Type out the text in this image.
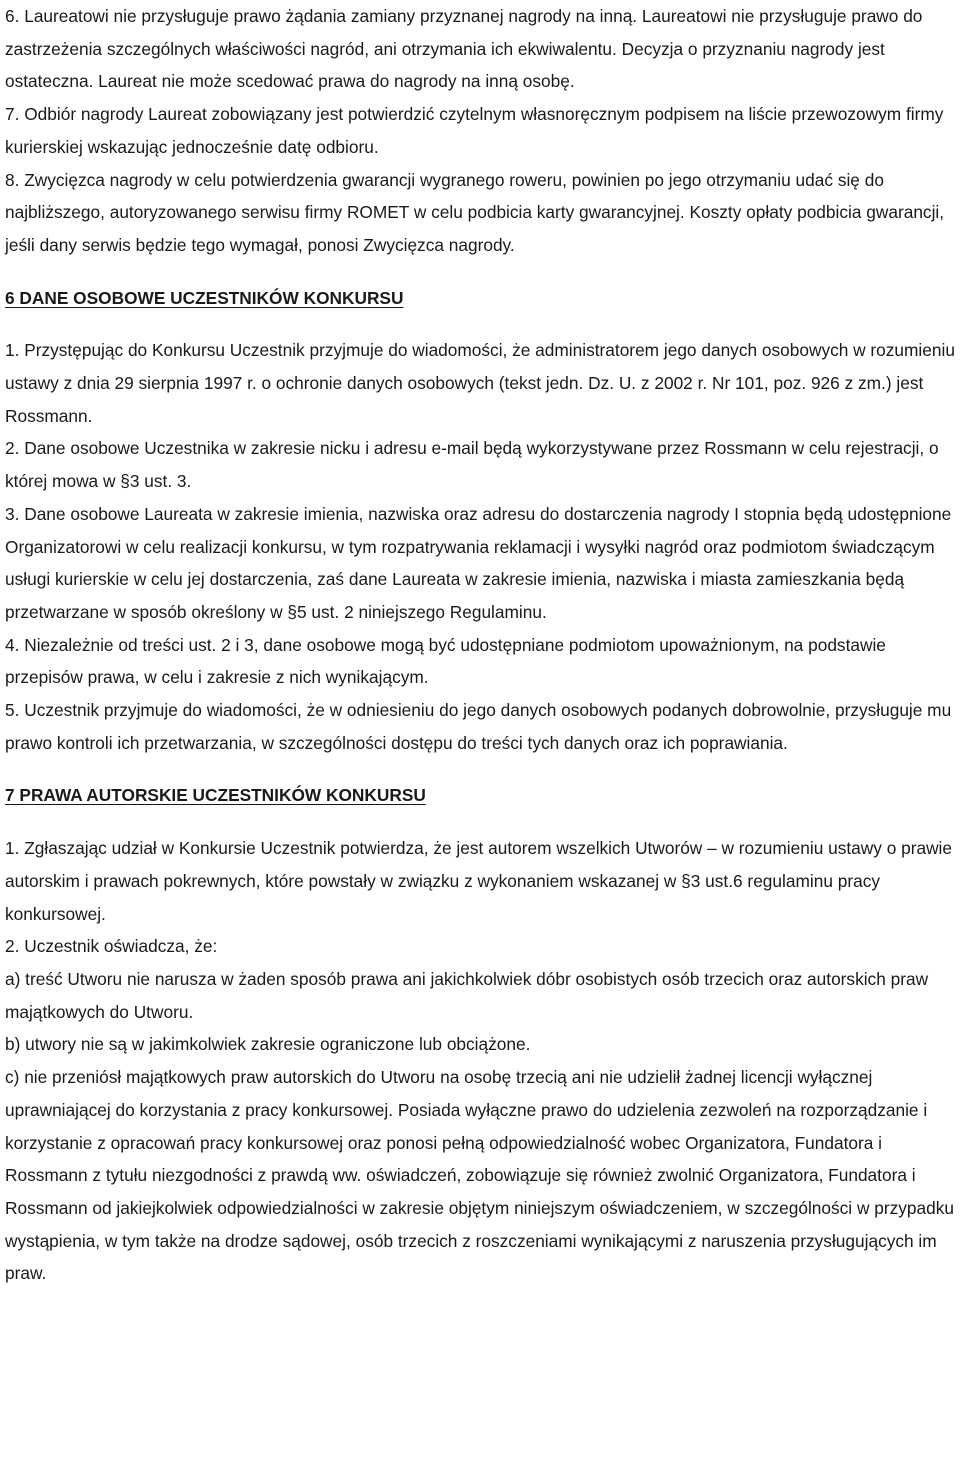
6. Laureatowi nie przysługuje prawo żądania zamiany przyznanej nagrody na inną. Laureatowi nie przysługuje prawo do zastrzeżenia szczególnych właściwości nagród, ani otrzymania ich ekwiwalentu. Decyzja o przyznaniu nagrody jest ostateczna. Laureat nie może scedować prawa do nagrody na inną osobę.

7. Odbiór nagrody Laureat zobowiązany jest potwierdzić czytelnym własnoręcznym podpisem na liście przewozowym firmy kurierskiej wskazując jednocześnie datę odbioru.

8. Zwycięzca nagrody w celu potwierdzenia gwarancji wygranego roweru, powinien po jego otrzymaniu udać się do najbliższego, autoryzowanego serwisu firmy ROMET w celu podbicia karty gwarancyjnej. Koszty opłaty podbicia gwarancji, jeśli dany serwis będzie tego wymagał, ponosi Zwycięzca nagrody.

6 DANE OSOBOWE UCZESTNIKÓW KONKURSU

1. Przystępując do Konkursu Uczestnik przyjmuje do wiadomości, że administratorem jego danych osobowych w rozumieniu ustawy z dnia 29 sierpnia 1997 r. o ochronie danych osobowych (tekst jedn. Dz. U. z 2002 r. Nr 101, poz. 926 z zm.) jest Rossmann.

2. Dane osobowe Uczestnika w zakresie nicku i adresu e-mail będą wykorzystywane przez Rossmann w celu rejestracji, o której mowa w §3 ust. 3.

3. Dane osobowe Laureata w zakresie imienia, nazwiska oraz adresu do dostarczenia nagrody I stopnia będą udostępnione Organizatorowi w celu realizacji konkursu, w tym rozpatrywania reklamacji i wysyłki nagród oraz podmiotom świadczącym usługi kurierskie w celu jej dostarczenia, zaś dane Laureata w zakresie imienia, nazwiska i miasta zamieszkania będą przetwarzane w sposób określony w §5 ust. 2 niniejszego Regulaminu.

4. Niezależnie od treści ust. 2 i 3, dane osobowe mogą być udostępniane podmiotom upoważnionym, na podstawie przepisów prawa, w celu i zakresie z nich wynikającym.

5. Uczestnik przyjmuje do wiadomości, że w odniesieniu do jego danych osobowych podanych dobrowolnie, przysługuje mu prawo kontroli ich przetwarzania, w szczególności dostępu do treści tych danych oraz ich poprawiania.

7 PRAWA AUTORSKIE UCZESTNIKÓW KONKURSU

1. Zgłaszając udział w Konkursie Uczestnik potwierdza, że jest autorem wszelkich Utworów – w rozumieniu ustawy o prawie autorskim i prawach pokrewnych, które powstały w związku z wykonaniem wskazanej w §3 ust.6 regulaminu pracy konkursowej.

2. Uczestnik oświadcza, że:

a) treść Utworu nie narusza w żaden sposób prawa ani jakichkolwiek dóbr osobistych osób trzecich oraz autorskich praw majątkowych do Utworu.

b) utwory nie są w jakimkolwiek zakresie ograniczone lub obciążone.

c) nie przeniósł majątkowych praw autorskich do Utworu na osobę trzecią ani nie udzielił żadnej licencji wyłącznej uprawniającej do korzystania z pracy konkursowej. Posiada wyłączne prawo do udzielenia zezwoleń na rozporządzanie i korzystanie z opracowań pracy konkursowej oraz ponosi pełną odpowiedzialność wobec Organizatora, Fundatora i Rossmann z tytułu niezgodności z prawdą ww. oświadczeń, zobowiązuje się również zwolnić Organizatora, Fundatora i Rossmann od jakiejkolwiek odpowiedzialności w zakresie objętym niniejszym oświadczeniem, w szczególności w przypadku wystąpienia, w tym także na drodze sądowej, osób trzecich z roszczeniami wynikającymi z naruszenia przysługujących im praw.
